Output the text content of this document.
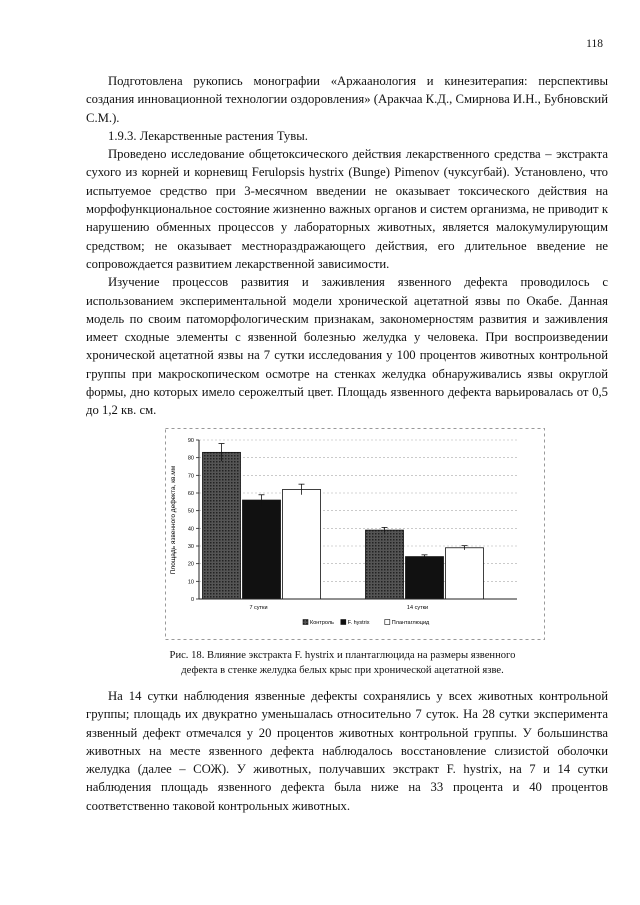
118

Подготовлена рукопись монографии «Аржаанология и кинезитерапия: перспективы создания инновационной технологии оздоровления» (Аракчаа К.Д., Смирнова И.Н., Бубновский С.М.).

1.9.3. Лекарственные растения Тувы.

Проведено исследование общетоксического действия лекарственного средства – экстракта сухого из корней и корневищ Ferulopsis hystrix (Bunge) Pimenov (чуксугбай). Установлено, что испытуемое средство при 3-месячном введении не оказывает токсического действия на морфофункциональное состояние жизненно важных органов и систем организма, не приводит к нарушению обменных процессов у лабораторных животных, является малокумулирующим средством; не оказывает местнораздражающего действия, его длительное введение не сопровождается развитием лекарственной зависимости.

Изучение процессов развития и заживления язвенного дефекта проводилось с использованием экспериментальной модели хронической ацетатной язвы по Окабе. Данная модель по своим патоморфологическим признакам, закономерностям развития и заживления имеет сходные элементы с язвенной болезнью желудка у человека. При воспроизведении хронической ацетатной язвы на 7 сутки исследования у 100 процентов животных контрольной группы при макроскопическом осмотре на стенках желудка обнаруживались язвы округлой формы, дно которых имело серожелтый цвет. Площадь язвенного дефекта варьировалась от 0,5 до 1,2 кв. см.

0
10
20
30
40
50
60
70
80
90
7 сутки	14 сутки
Площадь язвенного дефекта, кв.мм
Контроль	F. hystrix	Плантаглюцид
Рис. 18. Влияние экстракта F. hystrix и плантаглюцида на размеры язвенного
дефекта в стенке желудка белых крыс при хронической ацетатной язве.

На 14 сутки наблюдения язвенные дефекты сохранялись у всех животных контрольной группы; площадь их двукратно уменьшалась относительно 7 суток. На 28 сутки эксперимента язвенный дефект отмечался у 20 процентов животных контрольной группы. У большинства животных на месте язвенного дефекта наблюдалось восстановление слизистой оболочки желудка (далее – СОЖ). У животных, получавших экстракт F. hystrix, на 7 и 14 сутки наблюдения площадь язвенного дефекта была ниже на 33 процента и 40 процентов соответственно таковой контрольных животных.
